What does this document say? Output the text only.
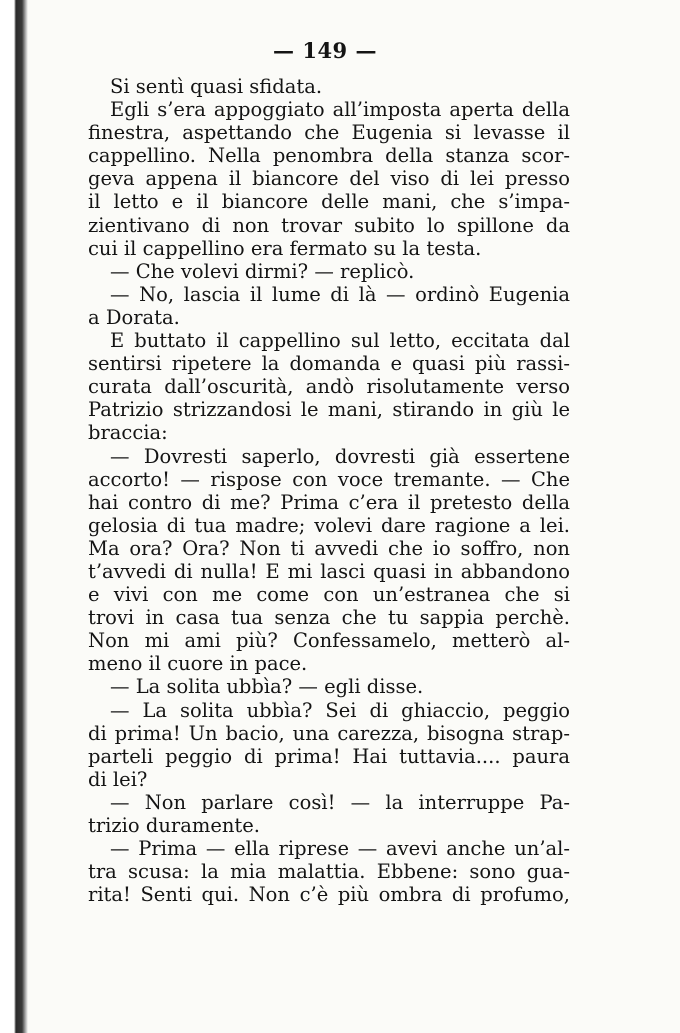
— 149 —
Si sentì quasi sfidata.
Egli s’era appoggiato all’imposta aperta della
finestra, aspettando che Eugenia si levasse il
cappellino. Nella penombra della stanza scor-
geva appena il biancore del viso di lei presso
il letto e il biancore delle mani, che s’impa-
zientivano di non trovar subito lo spillone da
cui il cappellino era fermato su la testa.
— Che volevi dirmi? — replicò.
— No, lascia il lume di là — ordinò Eugenia
a Dorata.
E buttato il cappellino sul letto, eccitata dal
sentirsi ripetere la domanda e quasi più rassi-
curata dall’oscurità, andò risolutamente verso
Patrizio strizzandosi le mani, stirando in giù le
braccia:
— Dovresti saperlo, dovresti già essertene
accorto! — rispose con voce tremante. — Che
hai contro di me? Prima c’era il pretesto della
gelosia di tua madre; volevi dare ragione a lei.
Ma ora? Ora? Non ti avvedi che io soffro, non
t’avvedi di nulla! E mi lasci quasi in abbandono
e vivi con me come con un’estranea che si
trovi in casa tua senza che tu sappia perchè.
Non mi ami più? Confessamelo, metterò al-
meno il cuore in pace.
— La solita ubbìa? — egli disse.
— La solita ubbìa? Sei di ghiaccio, peggio
di prima! Un bacio, una carezza, bisogna strap-
parteli peggio di prima! Hai tuttavia.... paura
di lei?
— Non parlare così! — la interruppe Pa-
trizio duramente.
— Prima — ella riprese — avevi anche un’al-
tra scusa: la mia malattia. Ebbene: sono gua-
rita! Senti qui. Non c’è più ombra di profumo,
